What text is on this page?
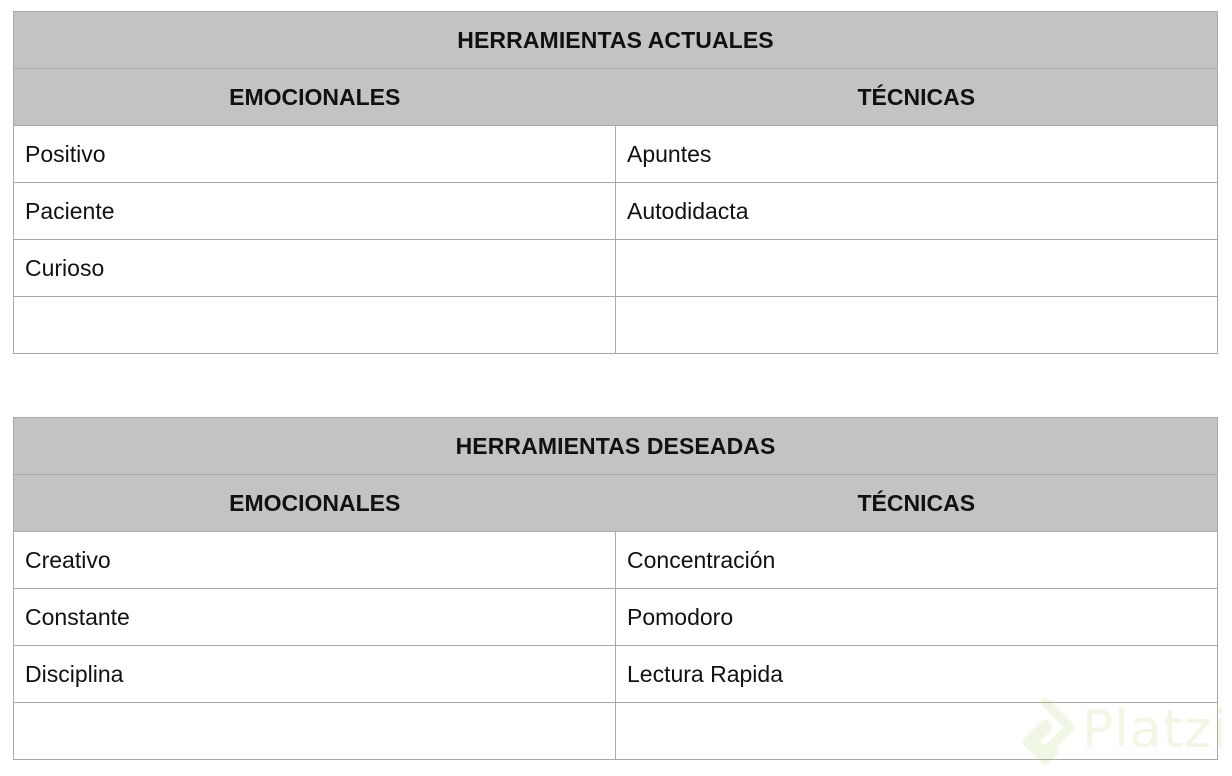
HERRAMIENTAS ACTUALES	
EMOCIONALES	TÉCNICAS
Positivo	Apuntes
Paciente	Autodidacta
Curioso	

HERRAMIENTAS DESEADAS	
EMOCIONALES	TÉCNICAS
Creativo	Concentración
Constante	Pomodoro
Disciplina	Lectura Rapida
